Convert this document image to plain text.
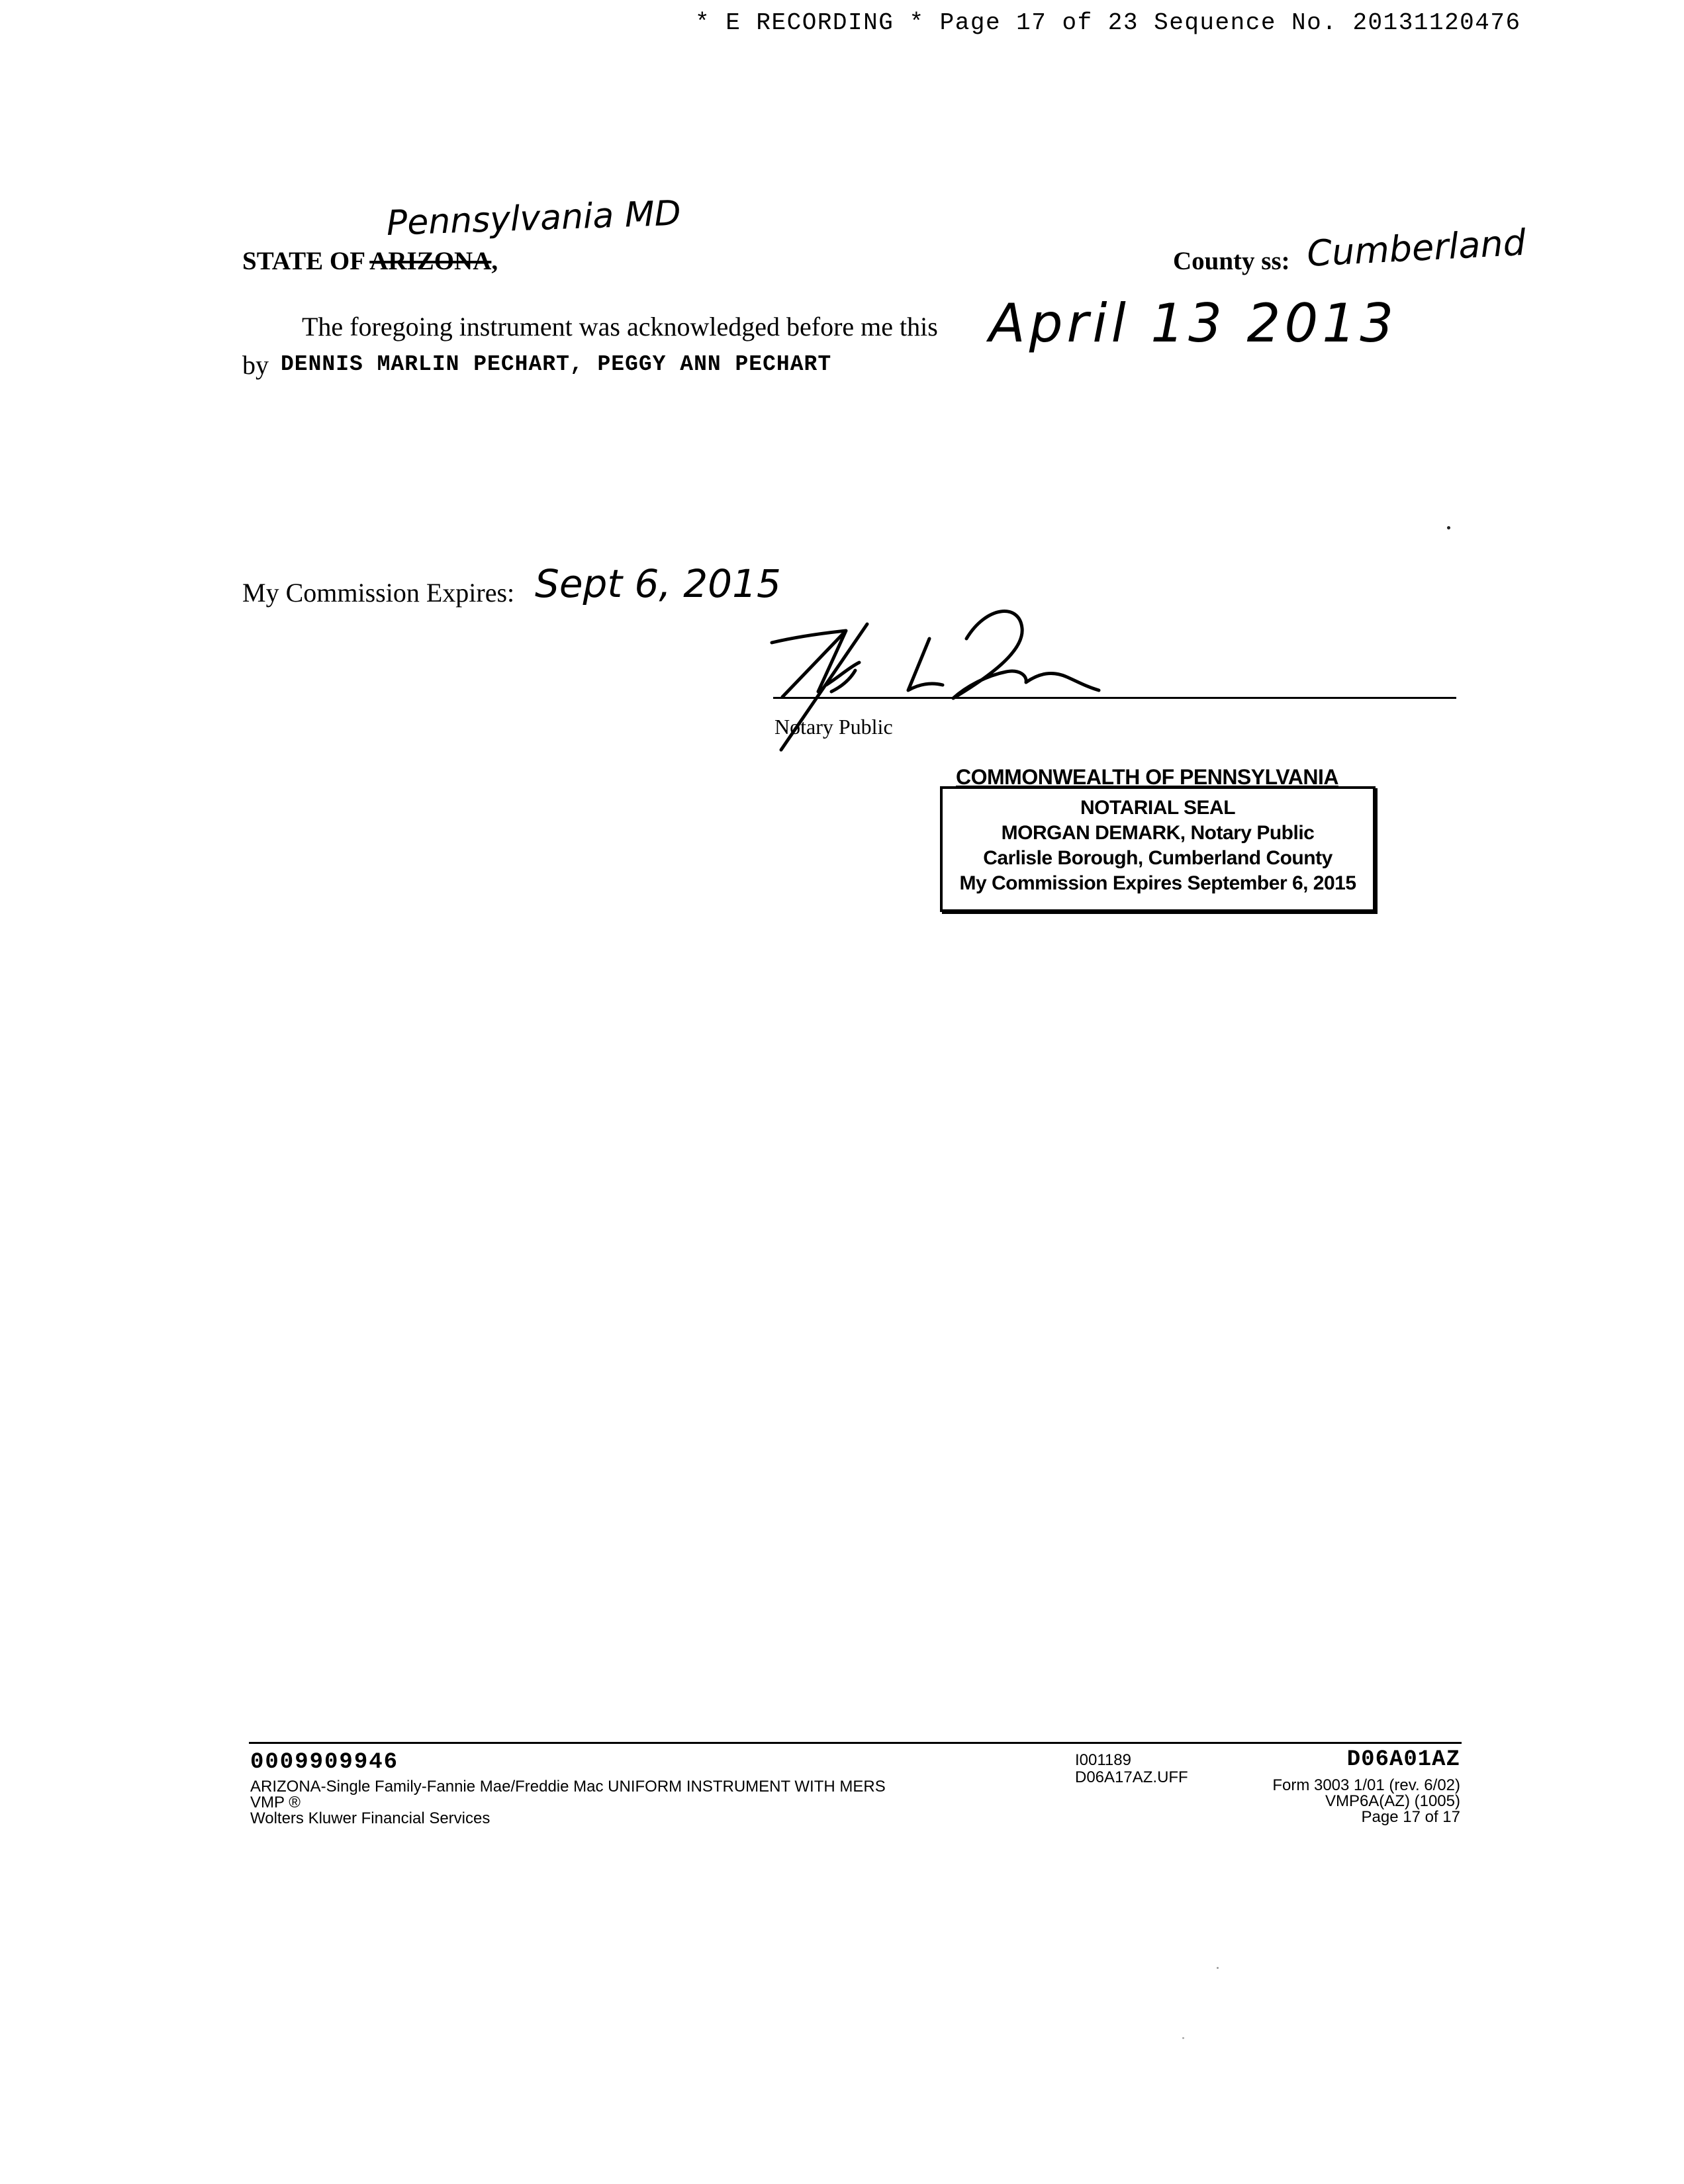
* E RECORDING * Page 17 of 23 Sequence No. 20131120476
STATE OF ARIZONA,
Pennsylvania MD
County ss: Cumberland
The foregoing instrument was acknowledged before me this April 13 2013
by DENNIS MARLIN PECHART, PEGGY ANN PECHART
My Commission Expires: Sept 6, 2015
Notary Public
COMMONWEALTH OF PENNSYLVANIA
NOTARIAL SEAL
MORGAN DEMARK, Notary Public
Carlisle Borough, Cumberland County
My Commission Expires September 6, 2015
0009909946
ARIZONA-Single Family-Fannie Mae/Freddie Mac UNIFORM INSTRUMENT WITH MERS
VMP ®
Wolters Kluwer Financial Services
I001189
D06A17AZ.UFF
D06A01AZ
Form 3003 1/01 (rev. 6/02)
VMP6A(AZ) (1005)
Page 17 of 17
